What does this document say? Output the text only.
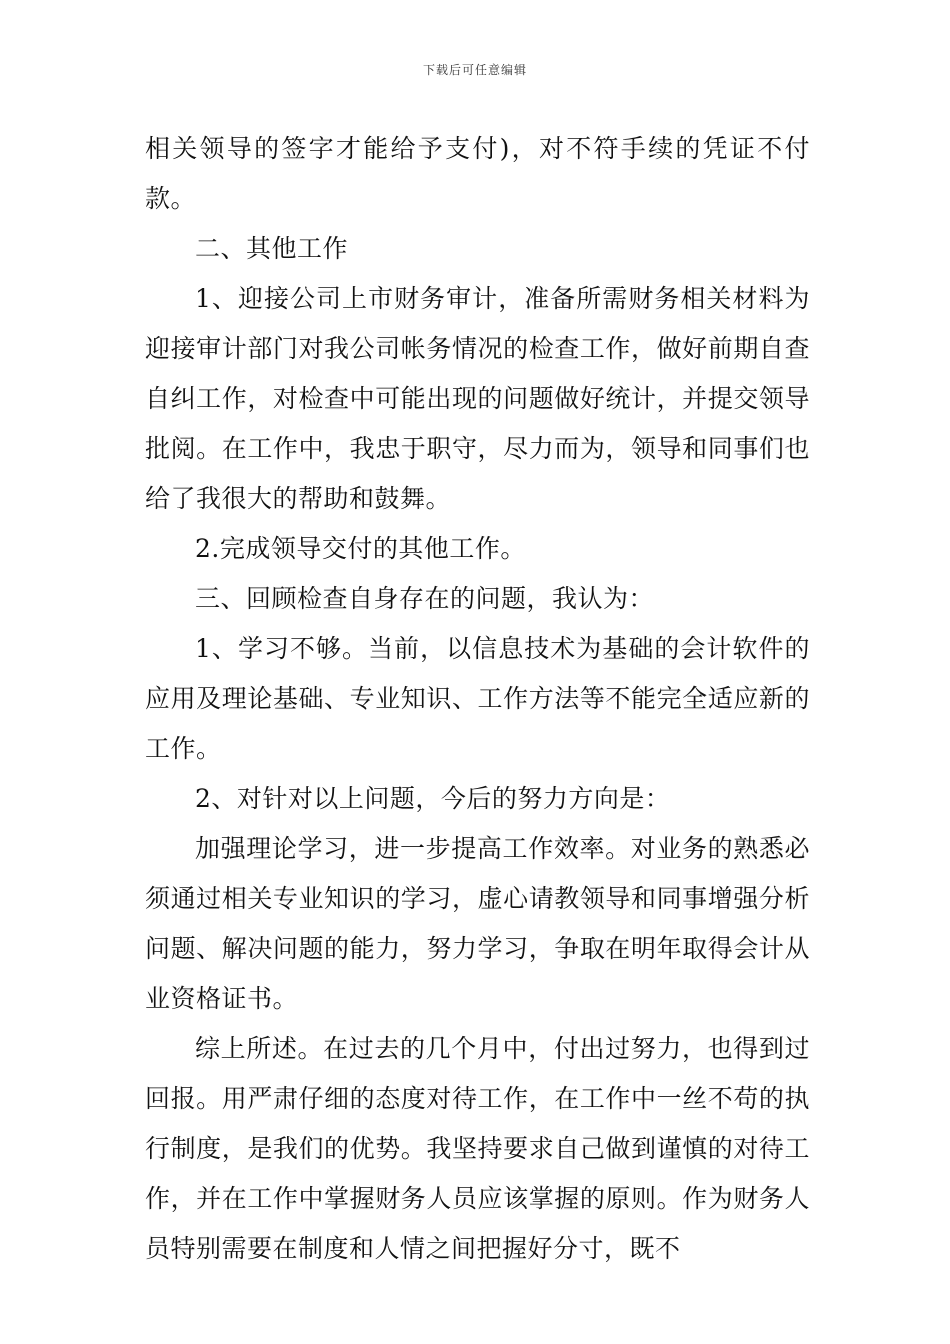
下载后可任意编辑

相关领导的签字才能给予支付)，对不符手续的凭证不付款。

二、其他工作

1、迎接公司上市财务审计，准备所需财务相关材料为迎接审计部门对我公司帐务情况的检查工作，做好前期自查自纠工作，对检查中可能出现的问题做好统计，并提交领导批阅。在工作中，我忠于职守，尽力而为，领导和同事们也给了我很大的帮助和鼓舞。

2.完成领导交付的其他工作。

三、回顾检查自身存在的问题，我认为：

1、学习不够。当前，以信息技术为基础的会计软件的应用及理论基础、专业知识、工作方法等不能完全适应新的工作。

2、对针对以上问题，今后的努力方向是：

加强理论学习，进一步提高工作效率。对业务的熟悉必须通过相关专业知识的学习，虚心请教领导和同事增强分析问题、解决问题的能力，努力学习，争取在明年取得会计从业资格证书。

综上所述。在过去的几个月中，付出过努力，也得到过回报。用严肃仔细的态度对待工作，在工作中一丝不苟的执行制度，是我们的优势。我坚持要求自己做到谨慎的对待工作，并在工作中掌握财务人员应该掌握的原则。作为财务人员特别需要在制度和人情之间把握好分寸，既不
